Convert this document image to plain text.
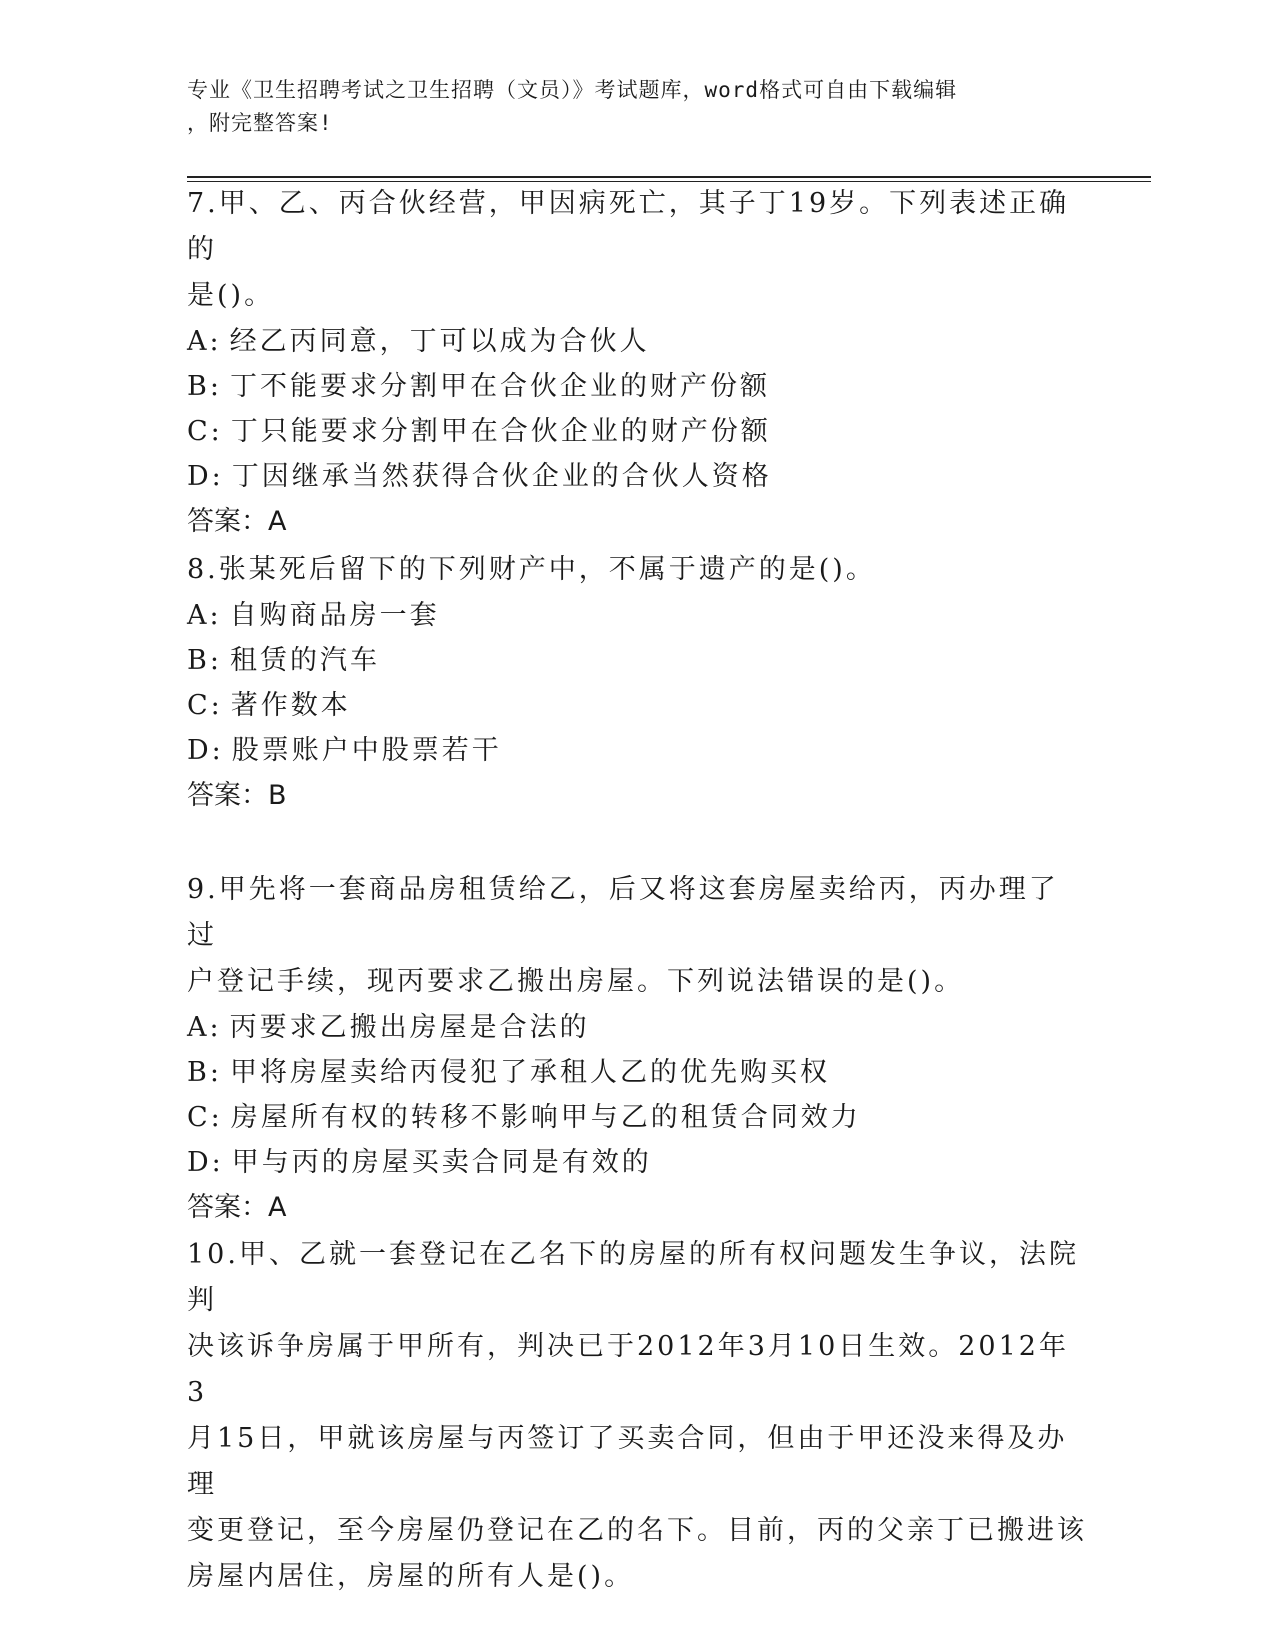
专业《卫生招聘考试之卫生招聘（文员）》考试题库，word格式可自由下载编辑
，附完整答案!

7.甲、乙、丙合伙经营，甲因病死亡，其子丁19岁。下列表述正确的

是()。

A: 经乙丙同意，丁可以成为合伙人

B: 丁不能要求分割甲在合伙企业的财产份额

C: 丁只能要求分割甲在合伙企业的财产份额

D: 丁因继承当然获得合伙企业的合伙人资格

答案：A

8.张某死后留下的下列财产中，不属于遗产的是()。

A: 自购商品房一套

B: 租赁的汽车

C: 著作数本

D: 股票账户中股票若干

答案：B

9.甲先将一套商品房租赁给乙，后又将这套房屋卖给丙，丙办理了过

户登记手续，现丙要求乙搬出房屋。下列说法错误的是()。

A: 丙要求乙搬出房屋是合法的

B: 甲将房屋卖给丙侵犯了承租人乙的优先购买权

C: 房屋所有权的转移不影响甲与乙的租赁合同效力

D: 甲与丙的房屋买卖合同是有效的

答案：A

10.甲、乙就一套登记在乙名下的房屋的所有权问题发生争议，法院判

决该诉争房属于甲所有，判决已于2012年3月10日生效。2012年3

月15日，甲就该房屋与丙签订了买卖合同，但由于甲还没来得及办理

变更登记，至今房屋仍登记在乙的名下。目前，丙的父亲丁已搬进该

房屋内居住，房屋的所有人是()。
